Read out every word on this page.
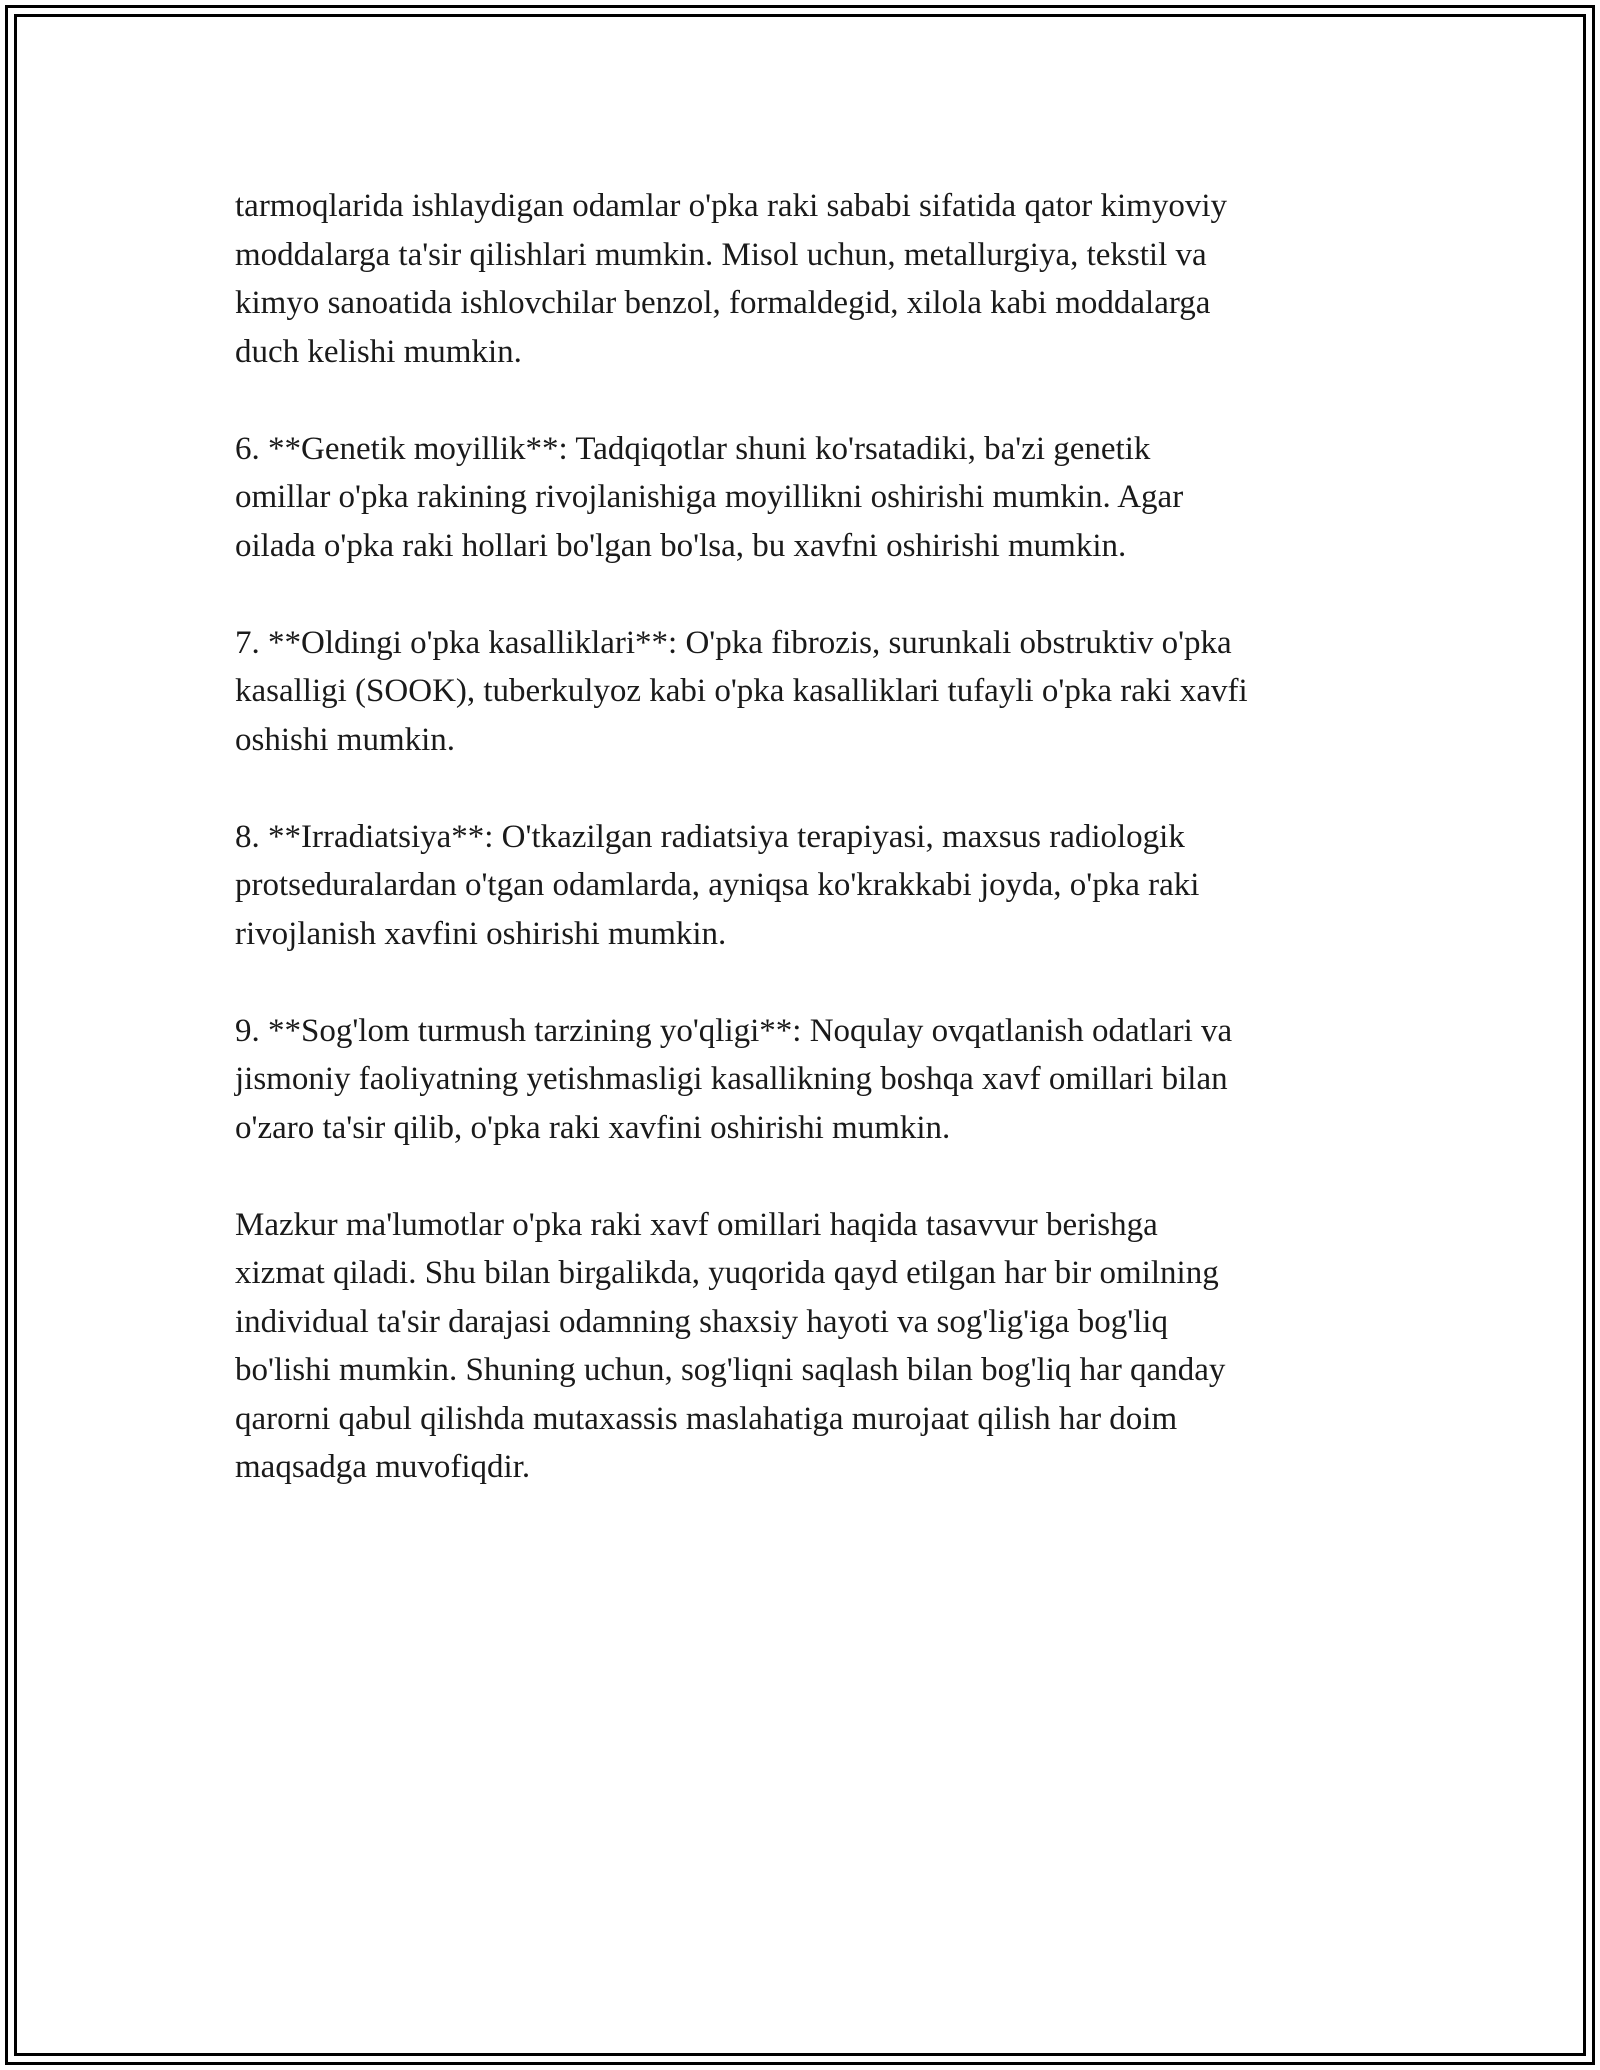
tarmoqlarida ishlaydigan odamlar o'pka raki sababi sifatida qator kimyoviy
moddalarga ta'sir qilishlari mumkin. Misol uchun, metallurgiya, tekstil va
kimyo sanoatida ishlovchilar benzol, formaldegid, xilola kabi moddalarga
duch kelishi mumkin.

6. **Genetik moyillik**: Tadqiqotlar shuni ko'rsatadiki, ba'zi genetik
omillar o'pka rakining rivojlanishiga moyillikni oshirishi mumkin. Agar
oilada o'pka raki hollari bo'lgan bo'lsa, bu xavfni oshirishi mumkin.

7. **Oldingi o'pka kasalliklari**: O'pka fibrozis, surunkali obstruktiv o'pka
kasalligi (SOOK), tuberkulyoz kabi o'pka kasalliklari tufayli o'pka raki xavfi
oshishi mumkin.

8. **Irradiatsiya**: O'tkazilgan radiatsiya terapiyasi, maxsus radiologik
protseduralardan o'tgan odamlarda, ayniqsa ko'krakkabi joyda, o'pka raki
rivojlanish xavfini oshirishi mumkin.

9. **Sog'lom turmush tarzining yo'qligi**: Noqulay ovqatlanish odatlari va
jismoniy faoliyatning yetishmasligi kasallikning boshqa xavf omillari bilan
o'zaro ta'sir qilib, o'pka raki xavfini oshirishi mumkin.

Mazkur ma'lumotlar o'pka raki xavf omillari haqida tasavvur berishga
xizmat qiladi. Shu bilan birgalikda, yuqorida qayd etilgan har bir omilning
individual ta'sir darajasi odamning shaxsiy hayoti va sog'lig'iga bog'liq
bo'lishi mumkin. Shuning uchun, sog'liqni saqlash bilan bog'liq har qanday
qarorni qabul qilishda mutaxassis maslahatiga murojaat qilish har doim
maqsadga muvofiqdir.
